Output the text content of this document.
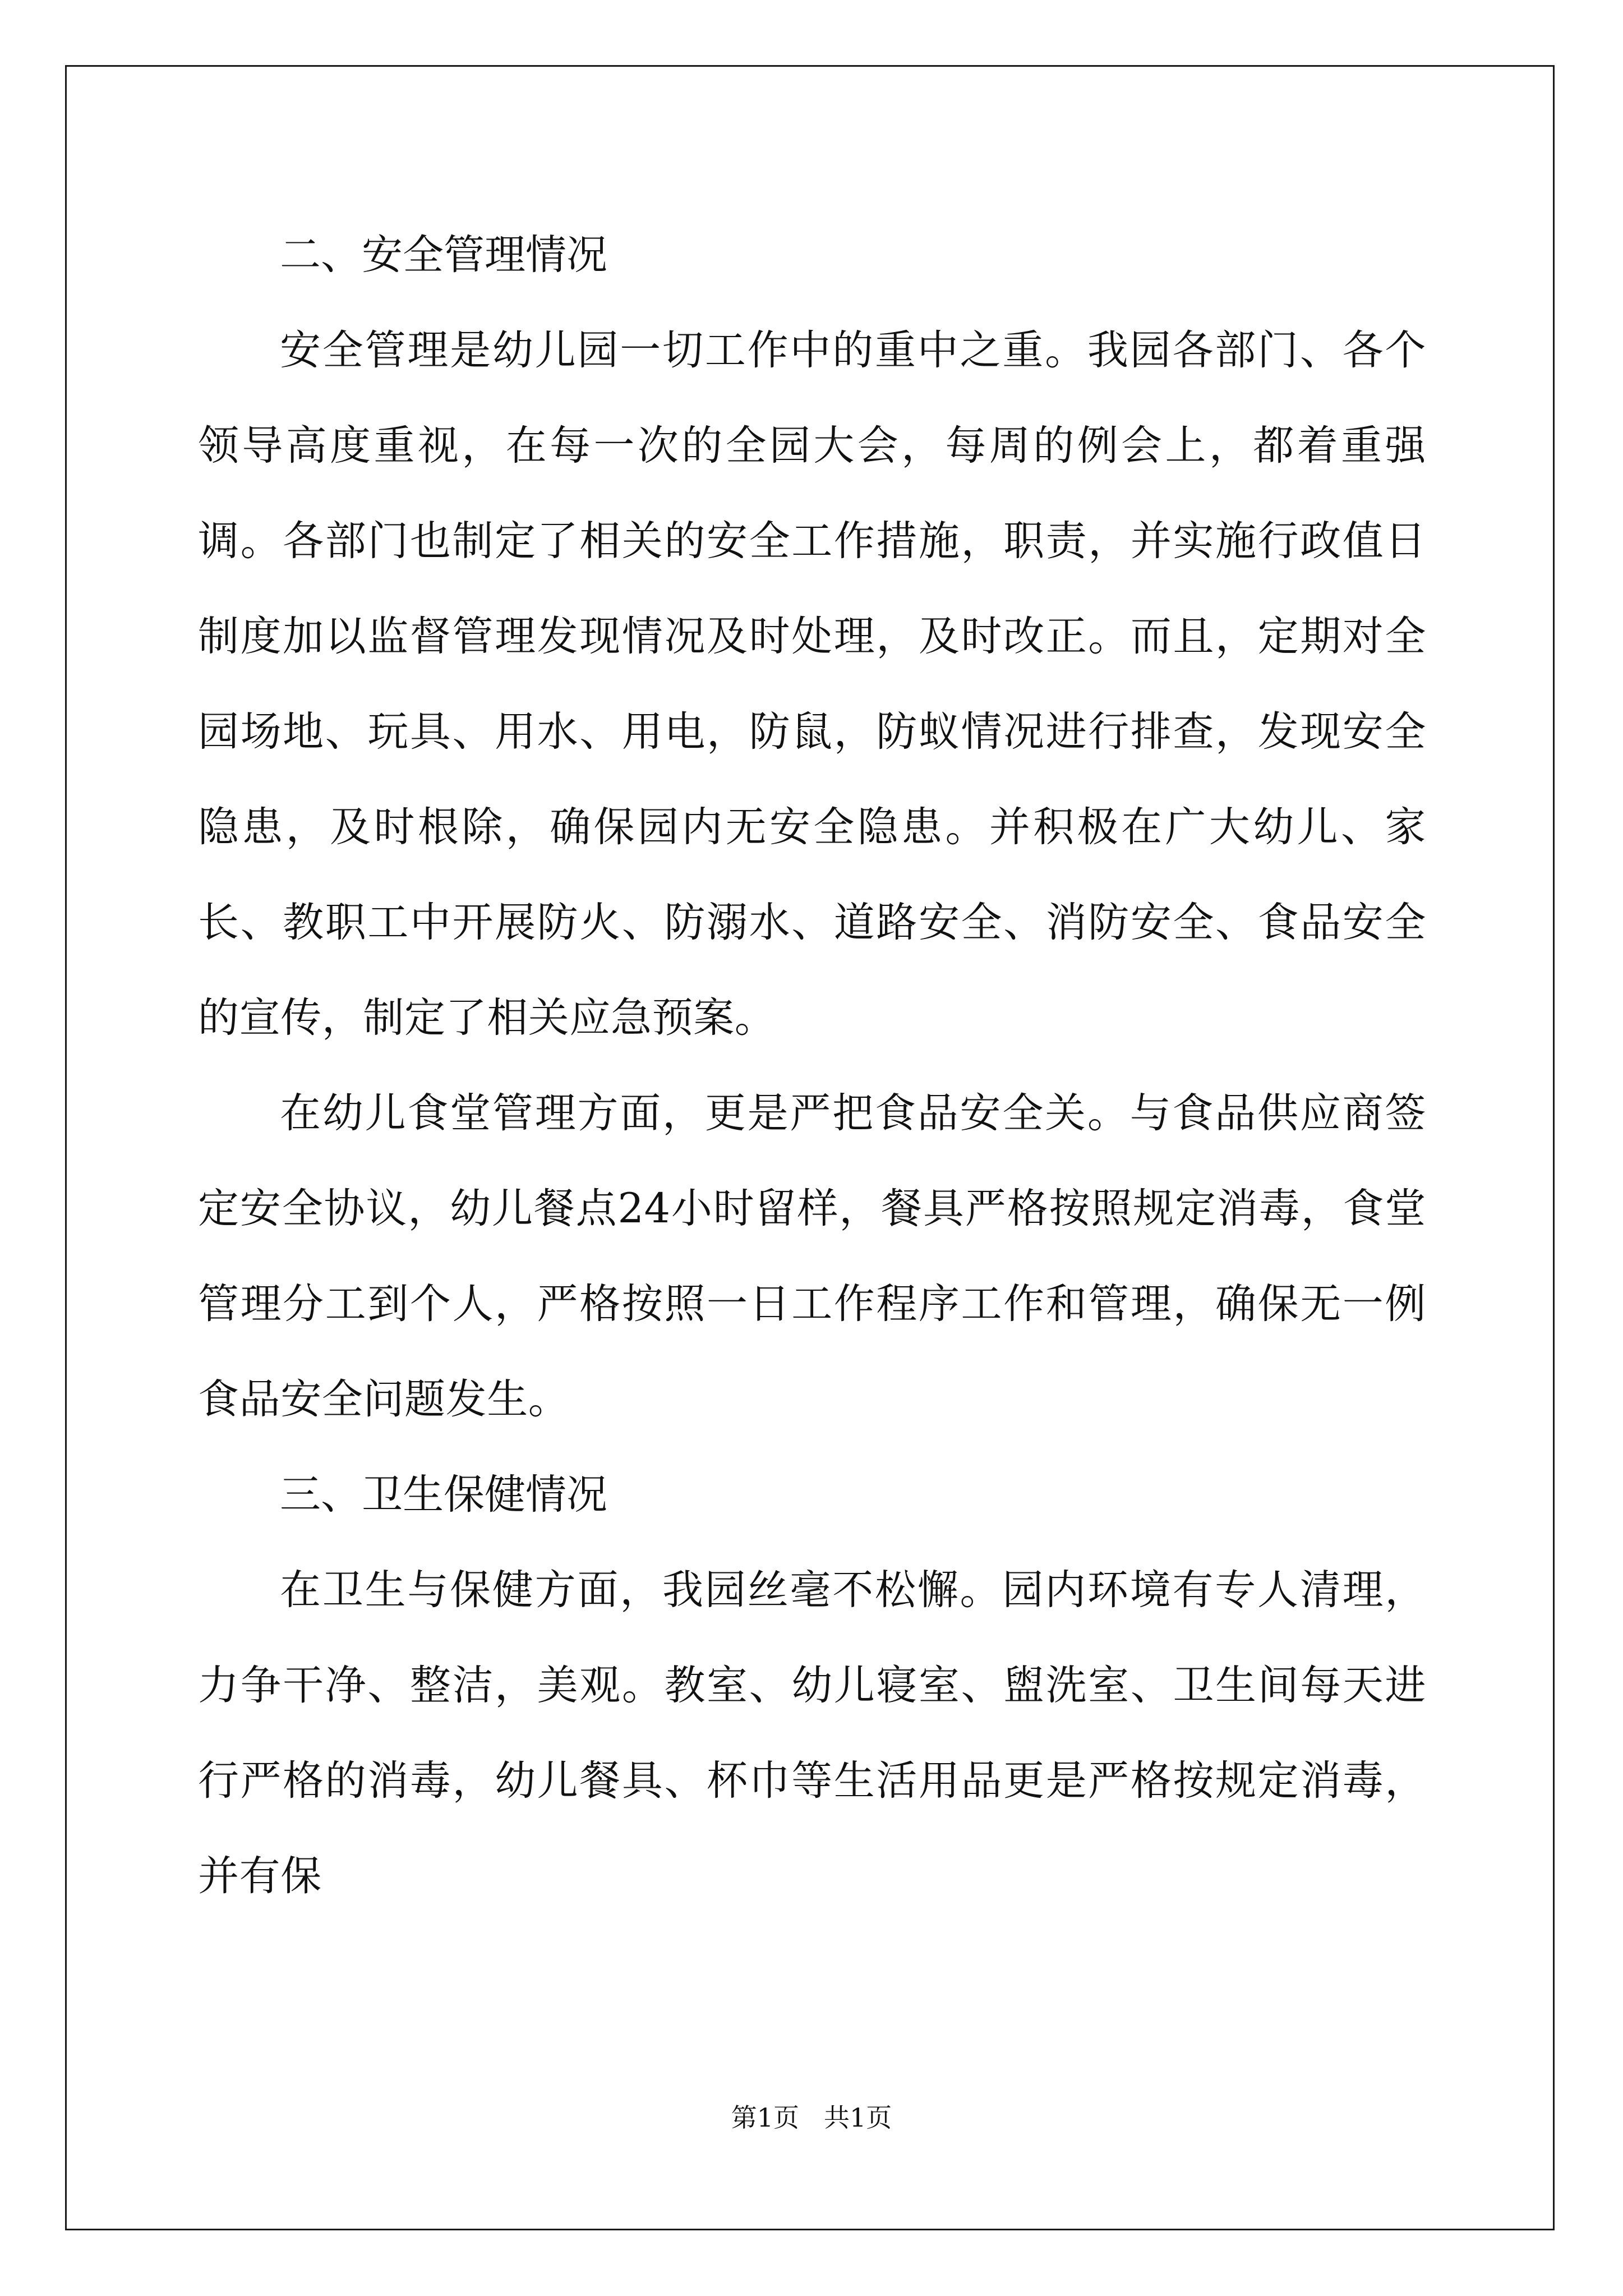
二、安全管理情况

安全管理是幼儿园一切工作中的重中之重。我园各部门、各个领导高度重视，在每一次的全园大会，每周的例会上，都着重强调。各部门也制定了相关的安全工作措施，职责，并实施行政值日制度加以监督管理发现情况及时处理，及时改正。而且，定期对全园场地、玩具、用水、用电，防鼠，防蚁情况进行排查，发现安全隐患，及时根除，确保园内无安全隐患。并积极在广大幼儿、家长、教职工中开展防火、防溺水、道路安全、消防安全、食品安全的宣传，制定了相关应急预案。

在幼儿食堂管理方面，更是严把食品安全关。与食品供应商签定安全协议，幼儿餐点24小时留样，餐具严格按照规定消毒，食堂管理分工到个人，严格按照一日工作程序工作和管理，确保无一例食品安全问题发生。

三、卫生保健情况

在卫生与保健方面，我园丝毫不松懈。园内环境有专人清理，力争干净、整洁，美观。教室、幼儿寝室、盥洗室、卫生间每天进行严格的消毒，幼儿餐具、杯巾等生活用品更是严格按规定消毒，并有保

第1页 共1页
